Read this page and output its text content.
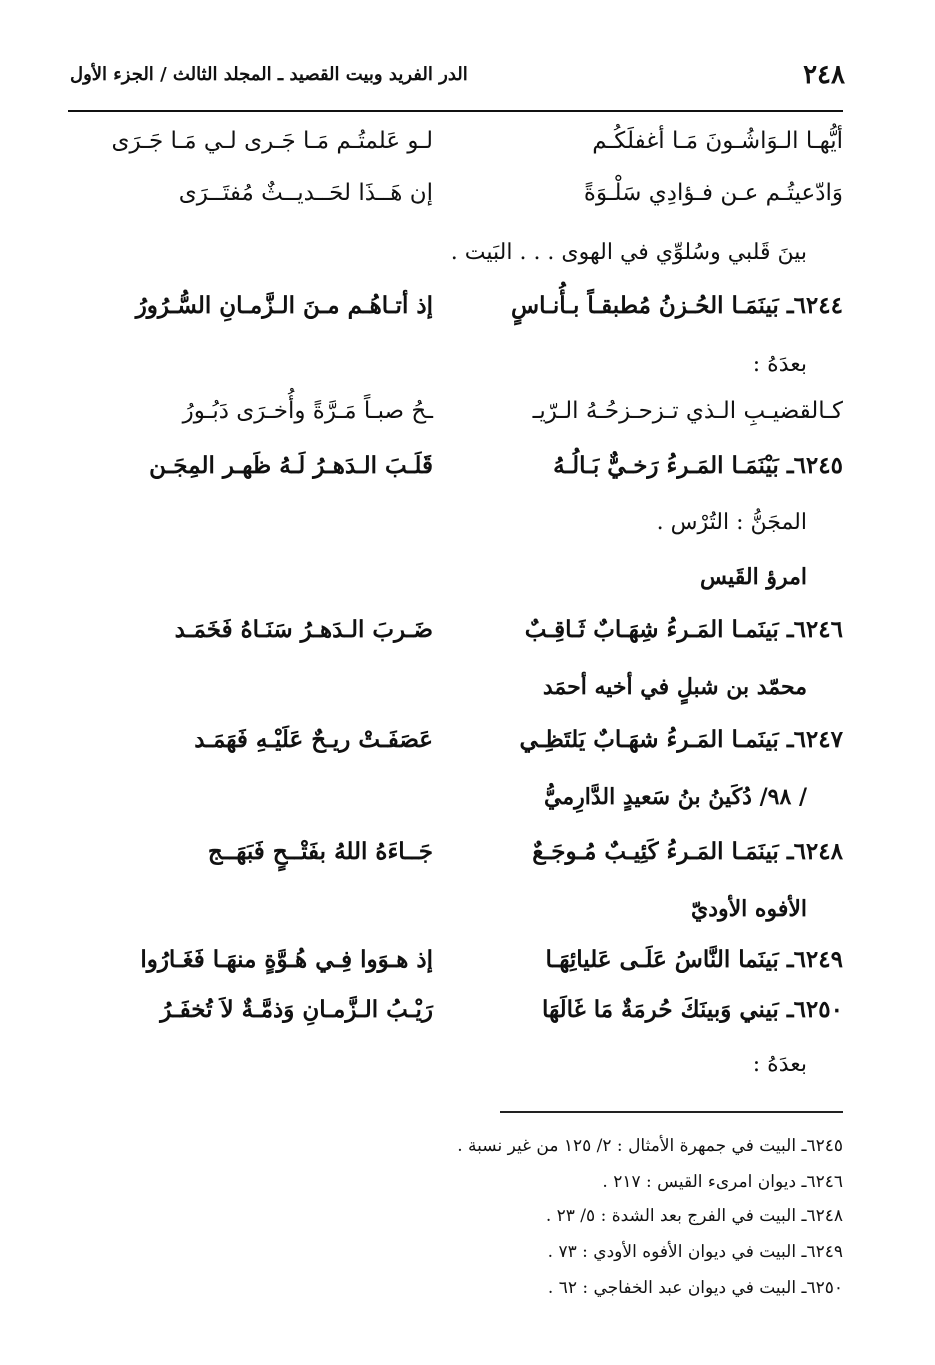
٢٤٨
الدر الفريد وبيت القصيد ـ المجلد الثالث / الجزء الأول
أيُّهـا الـوَاشُـونَ مَـا أغفلَكُـم
لـو عَلمتُـم مَـا جَـرى لـي مَـا جَـرَى
وَادّعيتُـم عـن فـؤادِي سَلْـوَةً
إن هَــذَا لحَــديــثٌ مُفتَــرَى
بينَ قَلبي وسُلوِّي في الهوى . . . البَيت .
٦٢٤٤ـ بَينَمَـا الحُـزنُ مُطبقـاً بـأُنـاسٍ
إذ أتـاهُـم مـنَ الـزَّمـانِ السُّـرُورُ
بعدَهُ :
كـالقضيـبِ الـذي تـزحـزحُـهُ الـرّيـ
ـحُ صبـاً مَـرَّةً وأُخـرَى دَبُـورُ
٦٢٤٥ـ بَيْنَمَـا المَـرءُ رَخـيٌّ بَـالُـهُ
قَلَـبَ الـدَهـرُ لَـهُ ظَهـر المِجَـن
المجَنُّ : التُرْس .
امرؤ القَيس
٦٢٤٦ـ بَينَمـا المَـرءُ شِهَـابٌ ثَـاقِـبٌ
ضَـربَ الـدَهـرُ سَنَـاهُ فَخَمَـد
محمّد بن شبلٍ في أخيه أحمَد
٦٢٤٧ـ بَينَمـا المَـرءُ شهَـابٌ يَلتَظِـي
عَصَفَـتْ ريـحٌ عَلَيْـهِ فَهَمَـد
/ ٩٨/ دُكَينُ بنُ سَعيدٍ الدَّارِميُّ
٦٢٤٨ـ بَينَمَـا المَـرءُ كَئِيـبٌ مُـوجَـعٌ
جَــاءَهُ اللهُ بفَتْــحٍ فَبَهَــج
الأفوه الأوديّ
٦٢٤٩ـ بَينَما النَّاسُ عَلَـى عَليائِهَـا
إذ هـوَوا فِـي هُـوَّةٍ منهَـا فَغَـارُوا
٦٢٥٠ـ بَيني وَبينَكَ حُرمَةٌ مَا غَالَهَا
رَيْـبُ الـزَّمـانِ وَذمَّـةٌ لاَ تُخفَـرُ
بعدَهُ :
٦٢٤٥ـ البيت في جمهرة الأمثال : ٢/ ١٢٥ من غير نسبة .
٦٢٤٦ـ ديوان امرىء القيس : ٢١٧ .
٦٢٤٨ـ البيت في الفرج بعد الشدة : ٥/ ٢٣ .
٦٢٤٩ـ البيت في ديوان الأفوه الأودي : ٧٣ .
٦٢٥٠ـ البيت في ديوان عبد الخفاجي : ٦٢ .
